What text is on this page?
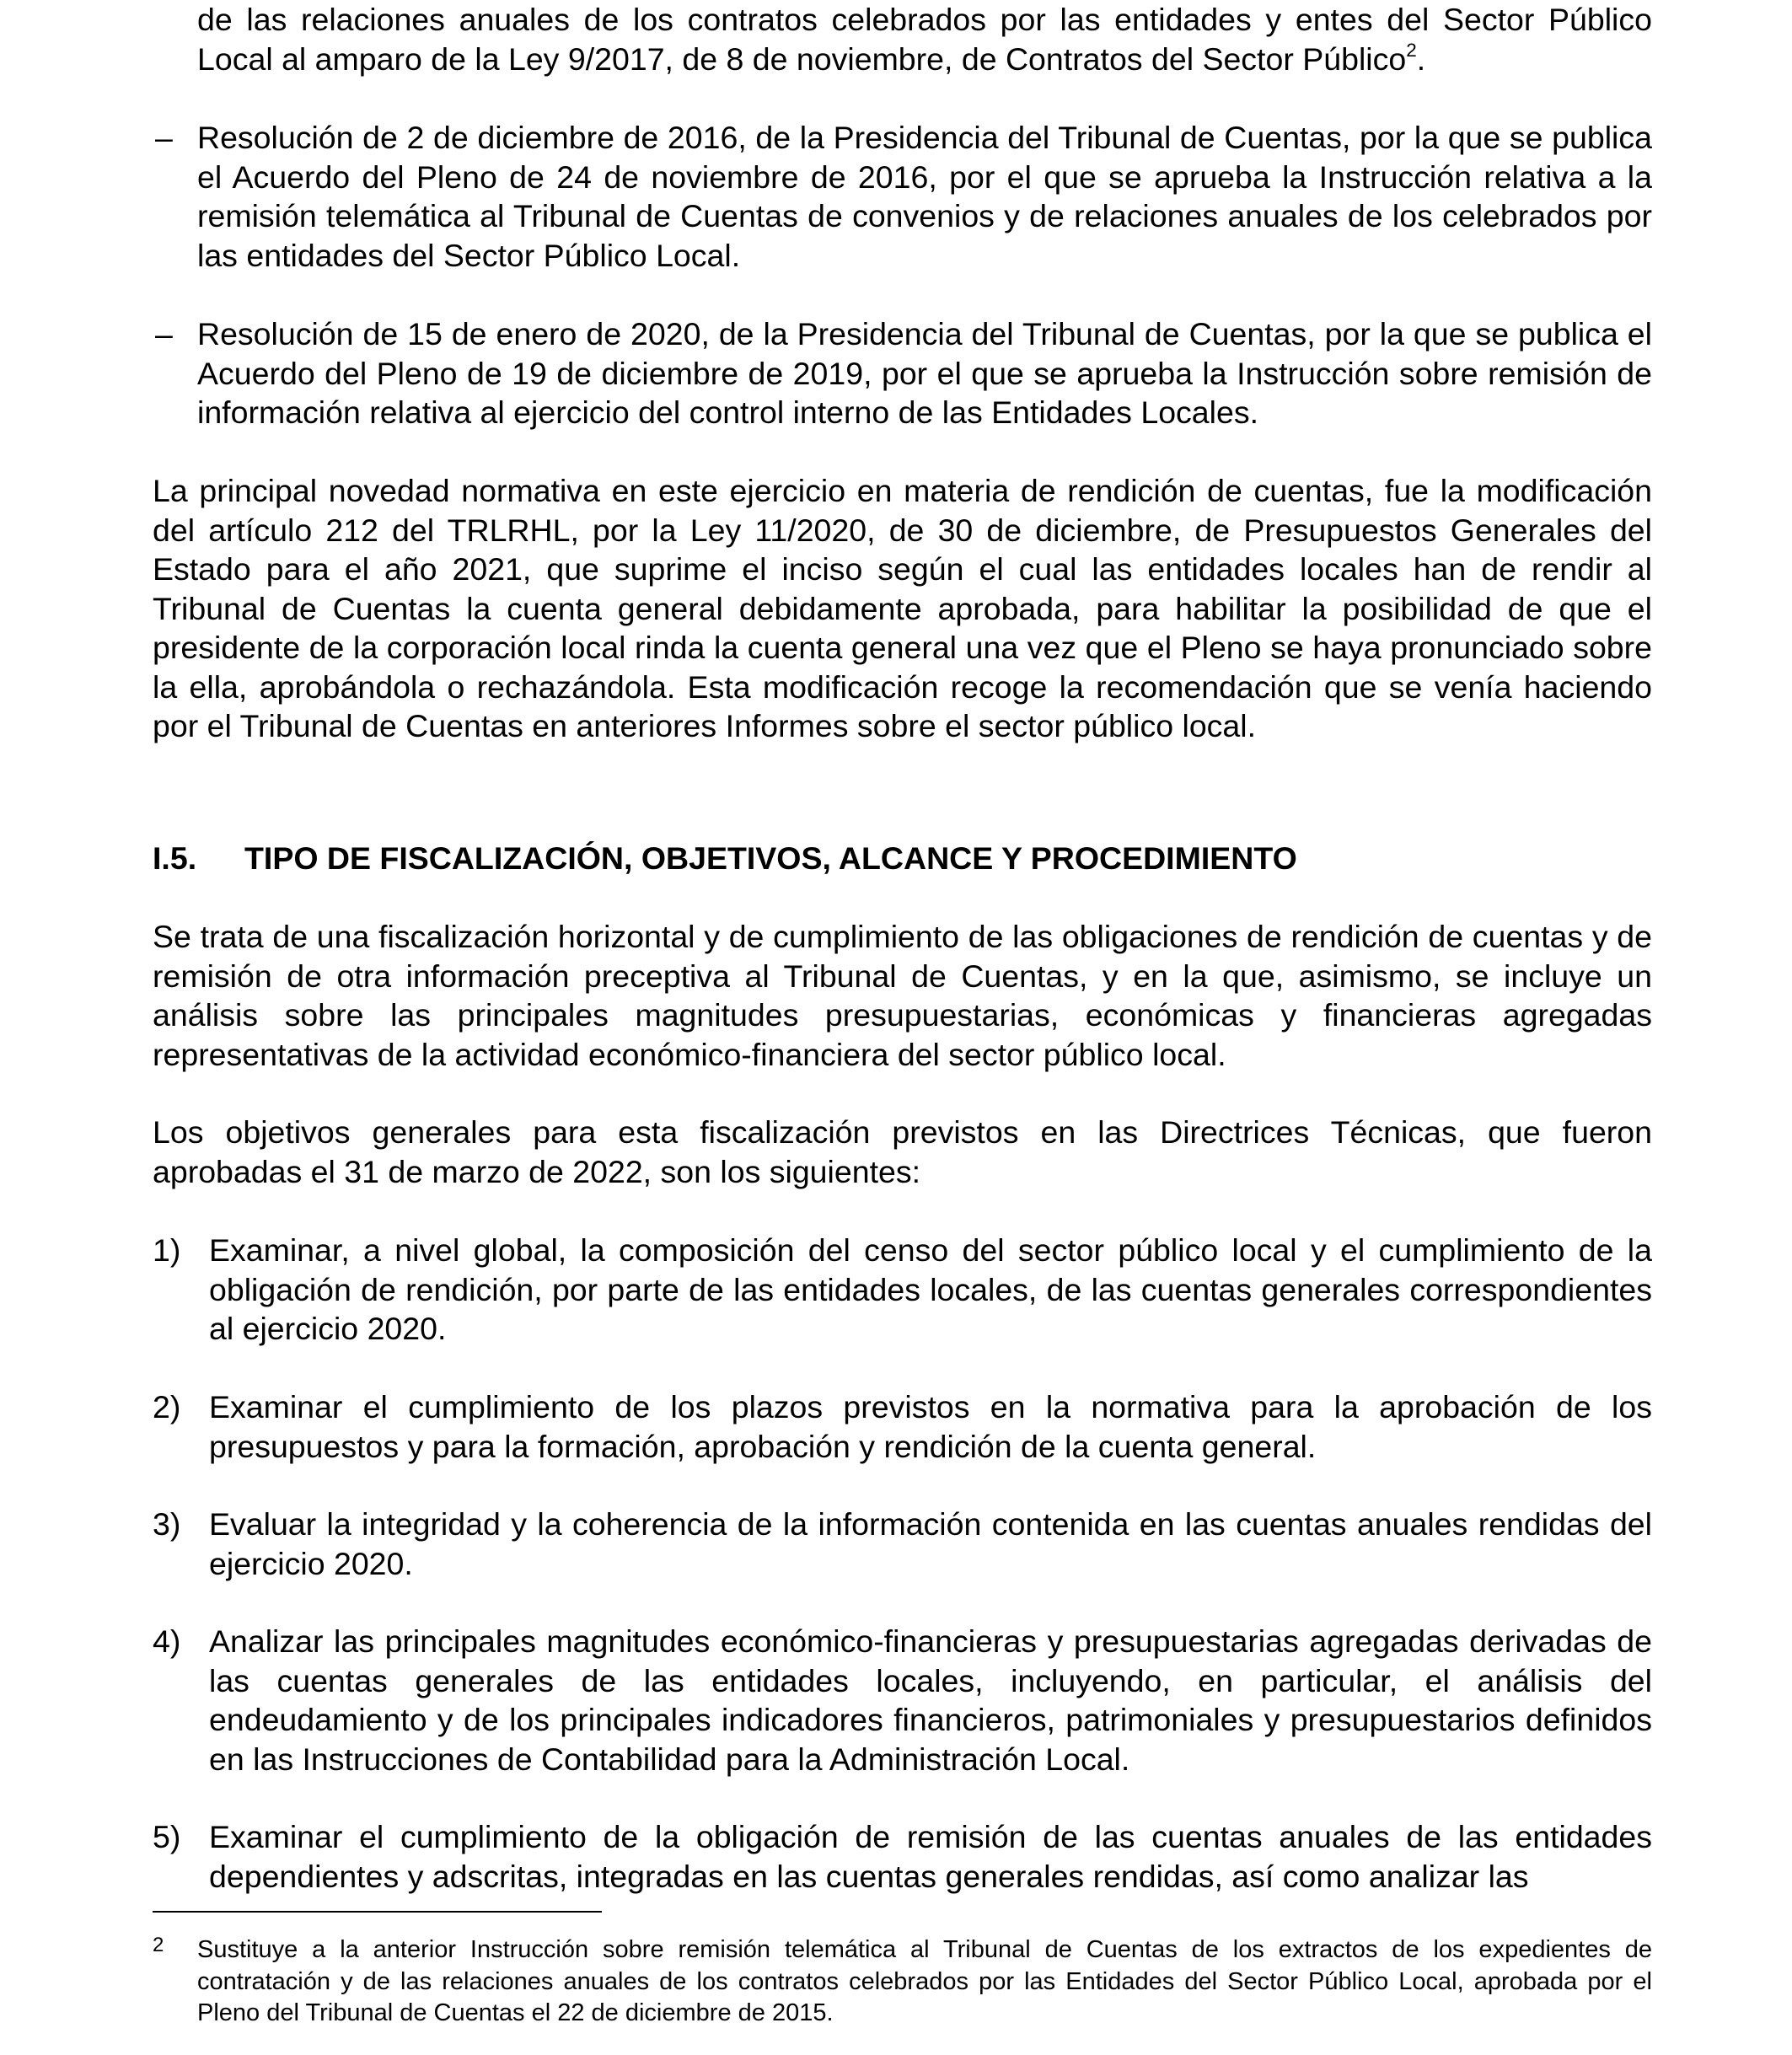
de las relaciones anuales de los contratos celebrados por las entidades y entes del Sector Público Local al amparo de la Ley 9/2017, de 8 de noviembre, de Contratos del Sector Público$^2$.
– Resolución de 2 de diciembre de 2016, de la Presidencia del Tribunal de Cuentas, por la que se publica el Acuerdo del Pleno de 24 de noviembre de 2016, por el que se aprueba la Instrucción relativa a la remisión telemática al Tribunal de Cuentas de convenios y de relaciones anuales de los celebrados por las entidades del Sector Público Local.
– Resolución de 15 de enero de 2020, de la Presidencia del Tribunal de Cuentas, por la que se publica el Acuerdo del Pleno de 19 de diciembre de 2019, por el que se aprueba la Instrucción sobre remisión de información relativa al ejercicio del control interno de las Entidades Locales.
La principal novedad normativa en este ejercicio en materia de rendición de cuentas, fue la modificación del artículo 212 del TRLRHL, por la Ley 11/2020, de 30 de diciembre, de Presupuestos Generales del Estado para el año 2021, que suprime el inciso según el cual las entidades locales han de rendir al Tribunal de Cuentas la cuenta general debidamente aprobada, para habilitar la posibilidad de que el presidente de la corporación local rinda la cuenta general una vez que el Pleno se haya pronunciado sobre la ella, aprobándola o rechazándola. Esta modificación recoge la recomendación que se venía haciendo por el Tribunal de Cuentas en anteriores Informes sobre el sector público local.
I.5. TIPO DE FISCALIZACIÓN, OBJETIVOS, ALCANCE Y PROCEDIMIENTO
Se trata de una fiscalización horizontal y de cumplimiento de las obligaciones de rendición de cuentas y de remisión de otra información preceptiva al Tribunal de Cuentas, y en la que, asimismo, se incluye un análisis sobre las principales magnitudes presupuestarias, económicas y financieras agregadas representativas de la actividad económico-financiera del sector público local.
Los objetivos generales para esta fiscalización previstos en las Directrices Técnicas, que fueron aprobadas el 31 de marzo de 2022, son los siguientes:
1) Examinar, a nivel global, la composición del censo del sector público local y el cumplimiento de la obligación de rendición, por parte de las entidades locales, de las cuentas generales correspondientes al ejercicio 2020.
2) Examinar el cumplimiento de los plazos previstos en la normativa para la aprobación de los presupuestos y para la formación, aprobación y rendición de la cuenta general.
3) Evaluar la integridad y la coherencia de la información contenida en las cuentas anuales rendidas del ejercicio 2020.
4) Analizar las principales magnitudes económico-financieras y presupuestarias agregadas derivadas de las cuentas generales de las entidades locales, incluyendo, en particular, el análisis del endeudamiento y de los principales indicadores financieros, patrimoniales y presupuestarios definidos en las Instrucciones de Contabilidad para la Administración Local.
5) Examinar el cumplimiento de la obligación de remisión de las cuentas anuales de las entidades dependientes y adscritas, integradas en las cuentas generales rendidas, así como analizar las
2 Sustituye a la anterior Instrucción sobre remisión telemática al Tribunal de Cuentas de los extractos de los expedientes de contratación y de las relaciones anuales de los contratos celebrados por las Entidades del Sector Público Local, aprobada por el Pleno del Tribunal de Cuentas el 22 de diciembre de 2015.
